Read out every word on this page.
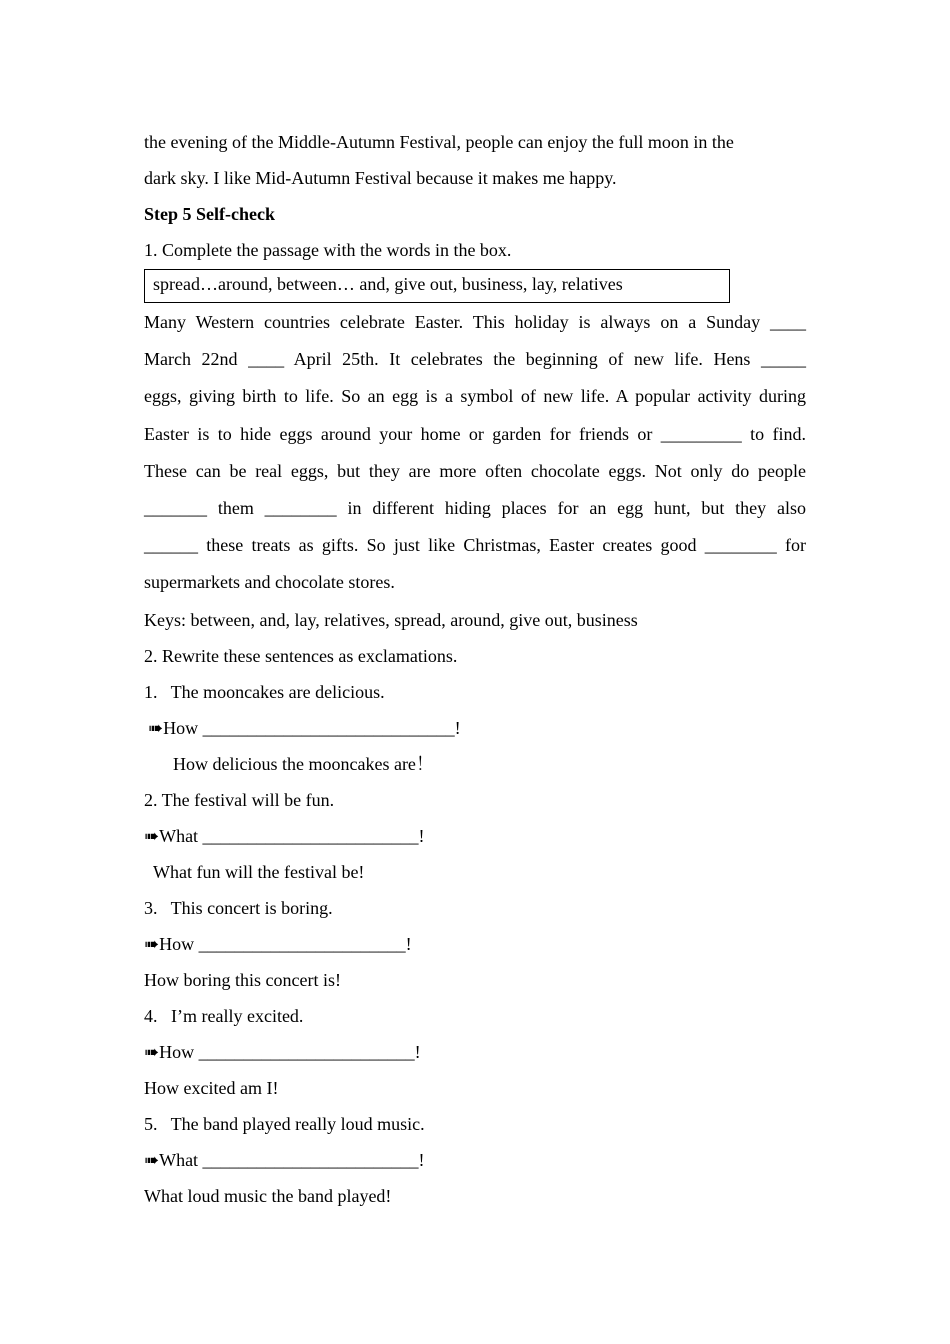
the evening of the Middle-Autumn Festival, people can enjoy the full moon in the
dark sky. I like Mid-Autumn Festival because it makes me happy.
Step 5 Self-check
1. Complete the passage with the words in the box.
spread…around, between… and, give out, business, lay, relatives
Many Western countries celebrate Easter. This holiday is always on a Sunday ____
March 22nd ____ April 25th. It celebrates the beginning of new life. Hens _____
eggs, giving birth to life. So an egg is a symbol of new life. A popular activity during
Easter is to hide eggs around your home or garden for friends or _________ to find.
These can be real eggs, but they are more often chocolate eggs. Not only do people
_______ them ________ in different hiding places for an egg hunt, but they also
______ these treats as gifts. So just like Christmas, Easter creates good ________ for
supermarkets and chocolate stores.
Keys: between, and, lay, relatives, spread, around, give out, business
2. Rewrite these sentences as exclamations.
1.   The mooncakes are delicious.
➠How ____________________________!
How delicious the mooncakes are！
2. The festival will be fun.
➠What ________________________!
What fun will the festival be!
3.   This concert is boring.
➠How _______________________!
How boring this concert is!
4.   I’m really excited.
➠How ________________________!
How excited am I!
5.   The band played really loud music.
➠What ________________________!
What loud music the band played!
